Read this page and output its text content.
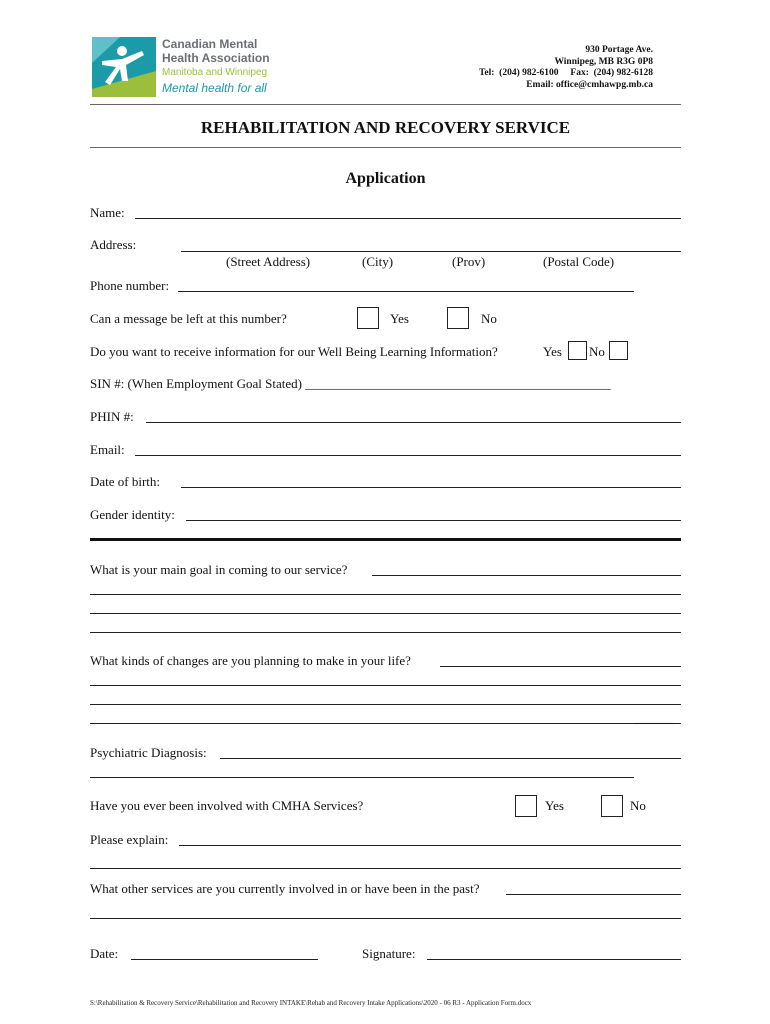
Canadian Mental
Health Association
Manitoba and Winnipeg
Mental health for all
930 Portage Ave.
Winnipeg, MB R3G 0P8
Tel:  (204) 982-6100     Fax:  (204) 982-6128
Email: office@cmhawpg.mb.ca
REHABILITATION AND RECOVERY SERVICE
Application
Name:
Address:
(Street Address)	(City)	(Prov)	(Postal Code)
Phone number:
Can a message be left at this number?	Yes	No
Do you want to receive information for our Well Being Learning Information?	Yes No
SIN #: (When Employment Goal Stated) _______________________________________________
PHIN #:
Email:
Date of birth:
Gender identity:
What is your main goal in coming to our service?
What kinds of changes are you planning to make in your life?
______
Psychiatric Diagnosis:
Have you ever been involved with CMHA Services?	Yes	No
Please explain:
What other services are you currently involved in or have been in the past?
Date:	Signature:
S:\Rehabilitation & Recovery Service\Rehabilitation and Recovery INTAKE\Rehab and Recovery Intake Applications\2020 - 06 R3 - Application Form.docx
